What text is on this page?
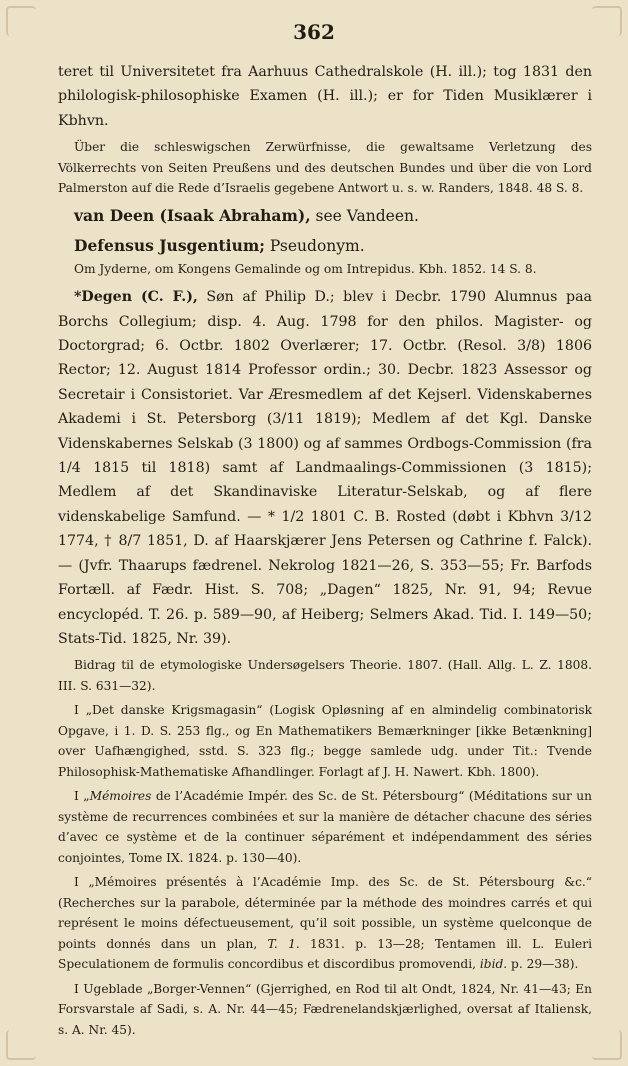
362

teret til Universitetet fra Aarhuus Cathedralskole (H. ill.); tog 1831 den philologisk-philosophiske Examen (H. ill.); er for Tiden Musiklærer i Kbhvn.

Über die schleswigschen Zerwürfnisse, die gewaltsame Verletzung des Völkerrechts von Seiten Preußens und des deutschen Bundes und über die von Lord Palmerston auf die Rede d’Israelis gegebene Antwort u. s. w. Randers, 1848. 48 S. 8.

van Deen (Isaak Abraham), see Vandeen.

Defensus Jusgentium; Pseudonym.

Om Jyderne, om Kongens Gemalinde og om Intrepidus. Kbh. 1852. 14 S. 8.

*Degen (C. F.), Søn af Philip D.; blev i Decbr. 1790 Alumnus paa Borchs Collegium; disp. 4. Aug. 1798 for den philos. Magister- og Doctorgrad; 6. Octbr. 1802 Overlærer; 17. Octbr. (Resol. 3/8) 1806 Rector; 12. August 1814 Professor ordin.; 30. Decbr. 1823 Assessor og Secretair i Consistoriet. Var Æresmedlem af det Kejserl. Videnskabernes Akademi i St. Petersborg (3/11 1819); Medlem af det Kgl. Danske Videnskabernes Selskab (3 1800) og af sammes Ordbogs-Commission (fra 1/4 1815 til 1818) samt af Landmaalings-Commissionen (3 1815); Medlem af det Skandinaviske Literatur-Selskab, og af flere videnskabelige Samfund. — * 1/2 1801 C. B. Rosted (døbt i Kbhvn 3/12 1774, † 8/7 1851, D. af Haarskjærer Jens Petersen og Cathrine f. Falck). — (Jvfr. Thaarups fædrenel. Nekrolog 1821—26, S. 353—55; Fr. Barfods Fortæll. af Fædr. Hist. S. 708; „Dagen“ 1825, Nr. 91, 94; Revue encyclopéd. T. 26. p. 589—90, af Heiberg; Selmers Akad. Tid. I. 149—50; Stats-Tid. 1825, Nr. 39).

Bidrag til de etymologiske Undersøgelsers Theorie. 1807. (Hall. Allg. L. Z. 1808. III. S. 631—32).

I „Det danske Krigsmagasin“ (Logisk Opløsning af en almindelig combinatorisk Opgave, i 1. D. S. 253 flg., og En Mathematikers Bemærkninger [ikke Betænkning] over Uafhængighed, sstd. S. 323 flg.; begge samlede udg. under Tit.: Tvende Philosophisk-Mathematiske Afhandlinger. Forlagt af J. H. Nawert. Kbh. 1800).

I „Mémoires de l’Académie Impér. des Sc. de St. Pétersbourg“ (Méditations sur un système de recurrences combinées et sur la manière de détacher chacune des séries d’avec ce système et de la continuer séparément et indépendamment des séries conjointes, Tome IX. 1824. p. 130—40).

I „Mémoires présentés à l’Académie Imp. des Sc. de St. Pétersbourg &c.“ (Recherches sur la parabole, déterminée par la méthode des moindres carrés et qui représent le moins défectueusement, qu’il soit possible, un système quelconque de points donnés dans un plan, T. 1. 1831. p. 13—28; Tentamen ill. L. Euleri Speculationem de formulis concordibus et discordibus promovendi, ibid. p. 29—38).

I Ugeblade „Borger-Vennen“ (Gjerrighed, en Rod til alt Ondt, 1824, Nr. 41—43; En Forsvarstale af Sadi, s. A. Nr. 44—45; Fædrenelandskjærlighed, oversat af Italiensk, s. A. Nr. 45).
